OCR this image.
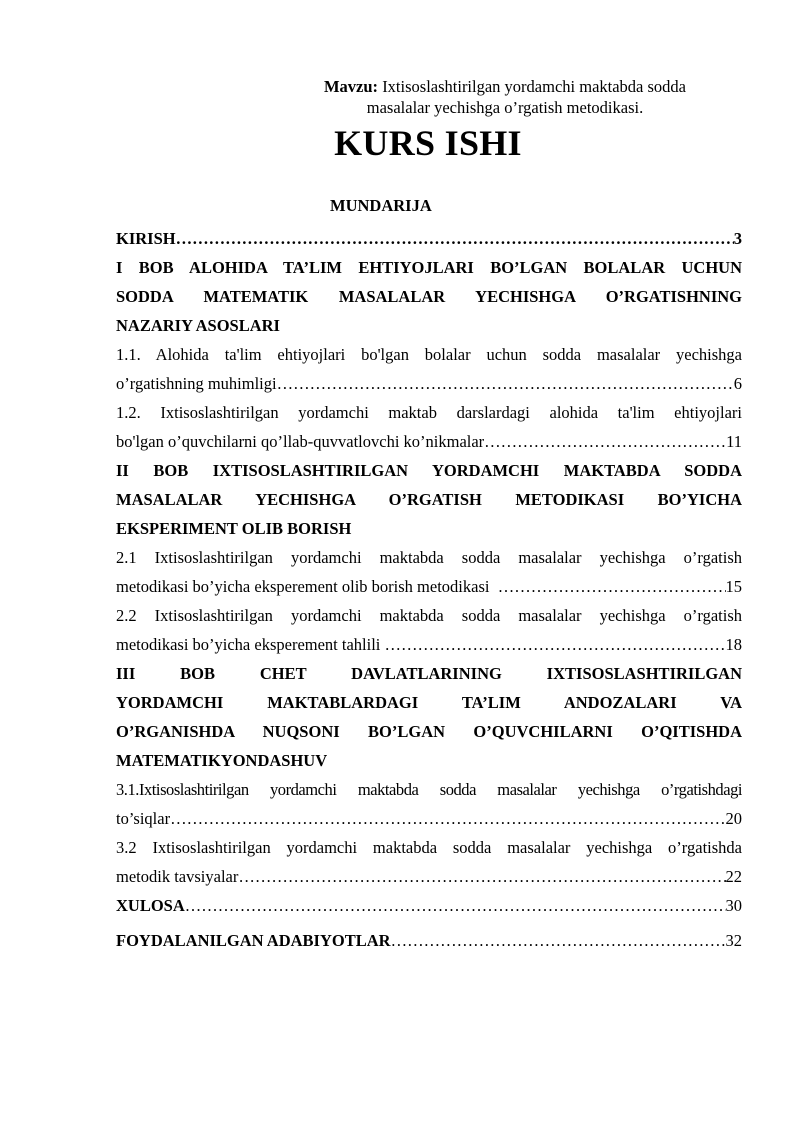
Mavzu: Ixtisoslashtirilgan yordamchi maktabda sodda
masalalar yechishga o’rgatish metodikasi.
KURS ISHI
MUNDARIJA
KIRISH …………………………………………………………………………………………………………………………………………………………………………………………	3
I BOB ALOHIDA TA’LIM EHTIYOJLARI BO’LGAN BOLALAR UCHUN
SODDA MATEMATIK MASALALAR YECHISHGA O’RGATISHNING
NAZARIY ASOSLARI
1.1. Alohida ta'lim ehtiyojlari bo'lgan bolalar uchun sodda masalalar yechishga
o’rgatishning muhimligi …………………………………………………………………………………………………………………………………………………………………………………………	6
1.2. Ixtisoslashtirilgan yordamchi maktab darslardagi alohida ta'lim ehtiyojlari
bo'lgan o’quvchilarni qo’llab-quvvatlovchi ko’nikmalar …………………………………………………………………………………………………………………………………………………………………………………………	11
II BOB IXTISOSLASHTIRILGAN YORDAMCHI MAKTABDA SODDA
MASALALAR YECHISHGA O’RGATISH METODIKASI BO’YICHA
EKSPERIMENT OLIB BORISH
2.1 Ixtisoslashtirilgan yordamchi maktabda sodda masalalar yechishga o’rgatish
metodikasi bo’yicha eksperement olib borish metodikasi …………………………………………………………………………………………………………………………………………………………………………………………	15
2.2 Ixtisoslashtirilgan yordamchi maktabda sodda masalalar yechishga o’rgatish
metodikasi bo’yicha eksperement tahlili …………………………………………………………………………………………………………………………………………………………………………………………	18
III BOB CHET DAVLATLARINING IXTISOSLASHTIRILGAN
YORDAMCHI MAKTABLARDAGI TA’LIM ANDOZALARI VA
O’RGANISHDA NUQSONI BO’LGAN O’QUVCHILARNI O’QITISHDA
MATEMATIKYONDASHUV
3.1.Ixtisoslashtirilgan yordamchi maktabda sodda masalalar yechishga o’rgatishdagi
to’siqlar …………………………………………………………………………………………………………………………………………………………………………………………	20
3.2 Ixtisoslashtirilgan yordamchi maktabda sodda masalalar yechishga o’rgatishda
metodik tavsiyalar …………………………………………………………………………………………………………………………………………………………………………………………	22
XULOSA …………………………………………………………………………………………………………………………………………………………………………………………	30
FOYDALANILGAN ADABIYOTLAR …………………………………………………………………………………………………………………………………………………………………………………………	32
